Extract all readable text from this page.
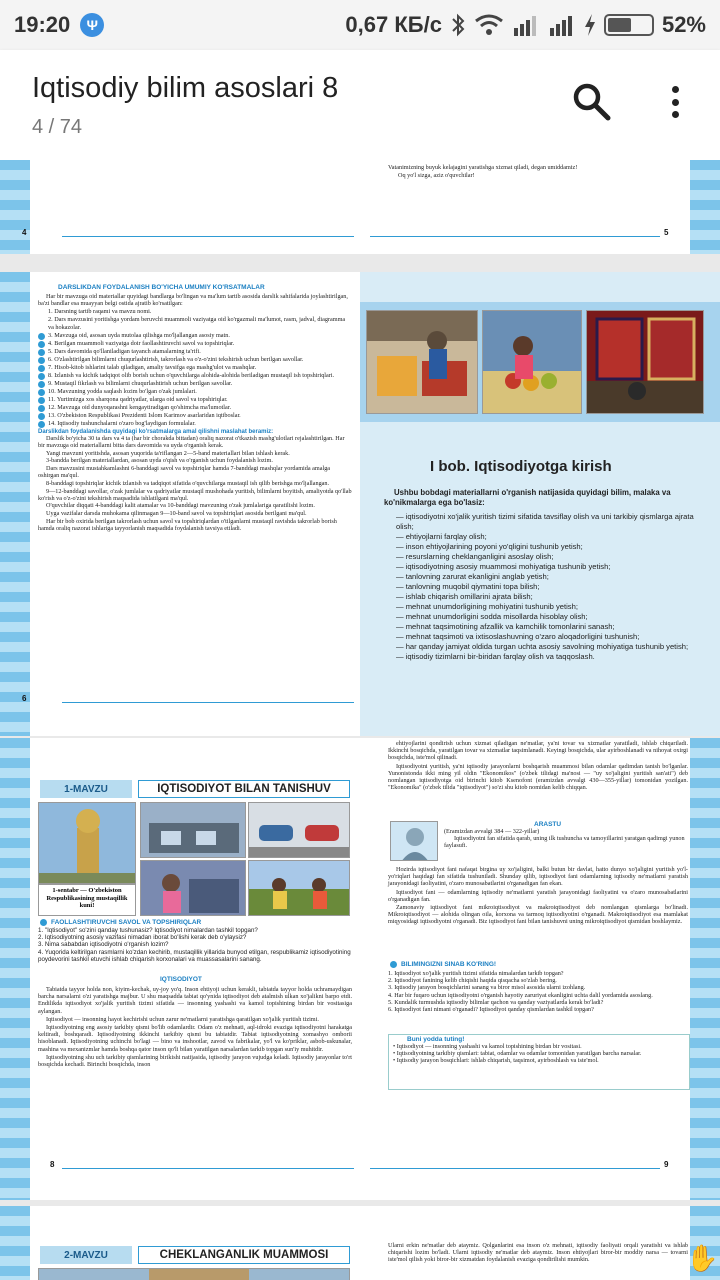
19:20	Ψ	0,67 КБ/с	52%
Iqtisodiy bilim asoslari 8
4 / 74
4

Vatanimizning buyuk kelajagini yaratishga xizmat qiladi, degan umiddamiz!

Oq yo'l sizga, aziz o'quvchilar!

5
DARSLIKDAN FOYDALANISH BO'YICHA UMUMIY KO'RSATMALAR
Har bir mavzuga oid materiallar quyidagi bandlarga bo'lingan va ma'lum tartib asosida darslik sahifalarida joylashtirilgan, ba'zi bandlar esa muayyan belgi ostida ajratib ko'rsatilgan:
1. Darsning tartib raqami va mavzu nomi.
2. Dars mavzusini yoritishga yordam beruvchi muammoli vaziyatga oid ko'rgazmali ma'lumot, rasm, jadval, diagramma va hokazolar.
3. Mavzuga oid, asosan uyda mutolaa qilishga mo'ljallangan asosiy matn.
4. Berilgan muammoli vaziyatga doir faollashtiruvchi savol va topshiriqlar.
5. Dars davomida qo'llaniladigan tayanch atamalarning ta'rifi.
6. O'zlashtirilgan bilimlarni chuqurlashtirish, takrorlash va o'z-o'zini tekshirish uchun berilgan savollar.
7. Hisob-kitob ishlarini talab qiladigan, amaliy tavsifga ega mashg'ulot va mashqlar.
8. Izlanish va kichik tadqiqot olib borish uchun o'quvchilarga alohida-alohida beriladigan mustaqil ish topshiriqlari.
9. Mustaqil fikrlash va bilimlarni chuqurlashtirish uchun berilgan savollar.
10. Mavzuning yodda saqlash lozim bo'lgan o'zak jumlalari.
11. Yurtimizga xos sharqona qadriyatlar, ularga oid savol va topshiriqlar.
12. Mavzuga oid dunyoqarashni kengaytiradigan qo'shimcha ma'lumotlar.
13. O'zbekiston Respublikasi Prezidenti Islom Karimov asarlaridan iqtiboslar.
14. Iqtisodiy tushunchalarni o'zaro bog'laydigan formulalar.
Darslikdan foydalanishda quyidagi ko'rsatmalarga amal qilishni maslahat beramiz:
Darslik bo'yicha 30 ta dars va 4 ta (har bir chorakda bittadan) oraliq nazorat o'tkazish mashg'ulotlari rejalashtirilgan. Har bir mavzuga oid materiallarni bitta dars davomida va uyda o'rganish kerak.
Yangi mavzuni yoritishda, asosan yuqorida ta'riflangan 2—5-band materiallari bilan ishlash kerak.
3-bandda berilgan materiallardan, asosan uyda o'qish va o'rganish uchun foydalanish lozim.
Dars mavzusini mustahkamlashni 6-banddagi savol va topshiriqlar hamda 7-banddagi mashqlar yordamida amalga oshirgan ma'qul.
8-banddagi topshiriqlar kichik izlanish va tadqiqot sifatida o'quvchilarga mustaqil ish qilib berishga mo'ljallangan.
9—12-banddagi savollar, o'zak jumlalar va qadriyatlar mustaqil mushohada yuritish, bilimlarni boyitish, amaliyotda qo'llab ko'rish va o'z-o'zini tekshirish maqsadida ishlatilgani ma'qul.
O'quvchilar diqqati 4-banddagi kalit atamalar va 10-banddagi mavzuning o'zak jumlalariga qaratilishi lozim.
Uyga vazifalar darsda muhokama qilinmagan 9—10-band savol va topshiriqlari asosida berilgani ma'qul.
Har bir bob oxirida berilgan takrorlash uchun savol va topshiriqlardan o'tilganlarni mustaqil ravishda takrorlab borish hamda oraliq nazorat ishlariga tayyorlanish maqsadida foydalanish tavsiya etiladi.
6
I bob. Iqtisodiyotga kirish
Ushbu bobdagi materiallarni o'rganish natijasida quyidagi bilim, malaka va ko'nikmalarga ega bo'lasiz:
— iqtisodiyotni xo'jalik yuritish tizimi sifatida tavsiflay olish va uni tarkibiy qismlarga ajrata olish;
— ehtiyojlarni farqlay olish;
— inson ehtiyojlarining poyoni yo'qligini tushunib yetish;
— resurslarning cheklanganligini asoslay olish;
— iqtisodiyotning asosiy muammosi mohiyatiga tushunib yetish;
— tanlovning zarurat ekanligini anglab yetish;
— tanlovning muqobil qiymatini topa bilish;
— ishlab chiqarish omillarini ajrata bilish;
— mehnat unumdorligining mohiyatini tushunib yetish;
— mehnat unumdorligini sodda misollarda hisoblay olish;
— mehnat taqsimotining afzallik va kamchilik tomonlarini sanash;
— mehnat taqsimoti va ixtisoslashuvning o'zaro aloqadorligini tushunish;
— har qanday jamiyat oldida turgan uchta asosiy savolning mohiyatiga tushunib yetish;
— iqtisodiy tizimlarni bir-biridan farqlay olish va taqqoslash.
1-MAVZU	IQTISODIYOT BILAN TANISHUV
1-sentabr — O'zbekiston Respublikasining mustaqillik kuni!
FAOLLASHTIRUVCHI SAVOL VA TOPSHIRIQLAR
1. "Iqtisodiyot" so'zini qanday tushunasiz? Iqtisodiyot nimalardan tashkil topgan?
2. Iqtisodiyotning asosiy vazifasi nimadan iborat bo'lishi kerak deb o'ylaysiz?
3. Nima sababdan iqtisodiyotni o'rganish lozim?
4. Yuqorida keltirilgan rasmlarni ko'zdan kechirib, mustaqillik yillarida bunyod etilgan, respublikamiz iqtisodiyotining poydevorini tashkil etuvchi ishlab chiqarish korxonalari va muassasalarini sanang.
IQTISODIYOT
Tabiatda tayyor holda non, kiyim-kechak, uy-joy yo'q. Inson ehtiyoji uchun kerakli, tabiatda tayyor holda uchramaydigan barcha narsalarni o'zi yaratishga majbur. U shu maqsadda tabiat qo'ynida iqtisodiyot deb atalmish ulkan xo'jalikni barpo etdi. Endilikda iqtisodiyot xo'jalik yuritish tizimi sifatida — insonning yashashi va kamol topishining birdan bir vositasiga aylangan.
Iqtisodiyot — insonning hayot kechirishi uchun zarur ne'matlarni yaratishga qaratilgan xo'jalik yuritish tizimi.
Iqtisodiyotning eng asosiy tarkibiy qismi bo'lib odamlardir. Odam o'z mehnati, aql-idroki evaziga iqtisodiyotni harakatga keltiradi, boshqaradi. Iqtisodiyotning ikkinchi tarkibiy qismi bu tabiatdir. Tabiat iqtisodiyotning xomashyo omborii hisoblanadi. Iqtisodiyotning uchinchi bo'lagi — bino va inshootlar, zavod va fabrikalar, yo'l va ko'priklar, asbob-uskunalar, mashina va mexanizmlar hamda boshqa qator inson qo'li bilan yaratilgan narsalardan tarkib topgan sun'iy muhitdir.
Iqtisodiyotning shu uch tarkibiy qismlarining birikishi natijasida, iqtisodiy jarayon vujudga keladi. Iqtisodiy jarayonlar to'rt bosqichda kechadi. Birinchi bosqichda, inson
8
ehtiyojlarini qondirish uchun xizmat qiladigan ne'matlar, ya'ni tovar va xizmatlar yaratiladi, ishlab chiqariladi. Ikkinchi bosqichda, yaratilgan tovar va xizmatlar taqsimlanadi. Keyingi bosqichda, ular ayirboshlanadi va nihoyat oxirgi bosqichda, iste'mol qilinadi.
Iqtisodiyotni yuritish, ya'ni iqtisodiy jarayonlarni boshqarish muammosi bilan odamlar qadimdan tanish bo'lganlar. Yunonistonda ikki ming yil oldin "Ekonomikos" (o'zbek tilidagi ma'nosi — "uy xo'jaligini yuritish san'ati") deb nomlangan iqtisodiyotga oid birinchi kitob Ksenofont (eramizdan avvalgi 430—355-yillar) tomonidan yozilgan. "Ekonomika" (o'zbek tilida "iqtisodiyot") so'zi shu kitob nomidan kelib chiqqan.
ARASTU
(Eramizdan avvalgi 384 — 322-yillar)
Iqtisodiyotni fan sifatida qarab, uning ilk tushuncha va tamoyillarini yaratgan qadimgi yunon faylasufi.
Hozirda iqtisodiyot fani nafaqat birgina uy xo'jaligini, balki butun bir davlat, hatto dunyo xo'jaligini yuritish yo'l-yo'riqlari haqidagi fan sifatida tushuniladi. Shunday qilib, iqtisodiyot fani odamlarning iqtisodiy ne'matlarni yaratish jarayonidagi faoliyatini, o'zaro munosabatlarini o'rganadigan fan ekan.
Iqtisodiyot fani — odamlarning iqtisodiy ne'matlarni yaratish jarayonidagi faoliyatini va o'zaro munosabatlarini o'rganadigan fan.
Zamonaviy iqtisodiyot fani mikroiqtisodiyot va makroiqtisodiyot deb nomlangan qismlarga bo'linadi. Mikroiqtisodiyot — alohida olingan oila, korxona va tarmoq iqtisodiyotini o'rganadi. Makroiqtisodiyot esa mamlakat miqyosidagi iqtisodiyotni o'rganadi. Biz iqtisodiyot fani bilan tanishuvni uning mikroiqtisodiyot qismidan boshlaymiz.
BILIMINGIZNI SINAB KO'RING!
1. Iqtisodiyot xo'jalik yuritish tizimi sifatida nimalardan tarkib topgan?
2. Iqtisodiyot fanining kelib chiqishi haqida qisqacha so'zlab bering.
3. Iqtisodiy jarayon bosqichlarini sanang va biror misol asosida ularni izohlang.
4. Har bir fuqaro uchun iqtisodiyotni o'rganish hayotiy zaruriyat ekanligini uchta dalil yordamida asoslang.
5. Kundalik turmushda iqtisodiy bilimlar qachon va qanday vaziyatlarda kerak bo'ladi?
6. Iqtisodiyot fani nimani o'rganadi? Iqtisodiyot qanday qismlardan tashkil topgan?
Buni yodda tuting!
• Iqtisodiyot — insonning yashashi va kamol topishining birdan bir vositasi.
• Iqtisodiyotning tarkibiy qismlari: tabiat, odamlar va odamlar tomonidan yaratilgan barcha narsalar.
• Iqtisodiy jarayon bosqichlari: ishlab chiqarish, taqsimot, ayirboshlash va iste'mol.
9
2-MAVZU	CHEKLANGANLIK MUAMMOSI
Ularni erkin ne'matlar deb ataymiz. Qolganlarini esa inson o'z mehnati, iqtisodiy faoliyati orqali yaratishi va ishlab chiqarishi lozim bo'ladi. Ularni iqtisodiy ne'matlar deb ataymiz. Inson ehtiyojlari biror-bir moddiy narsa — tovarni iste'mol qilish yoki biror-bir xizmatdan foydalanish evaziga qondirilishi mumkin.	✋
